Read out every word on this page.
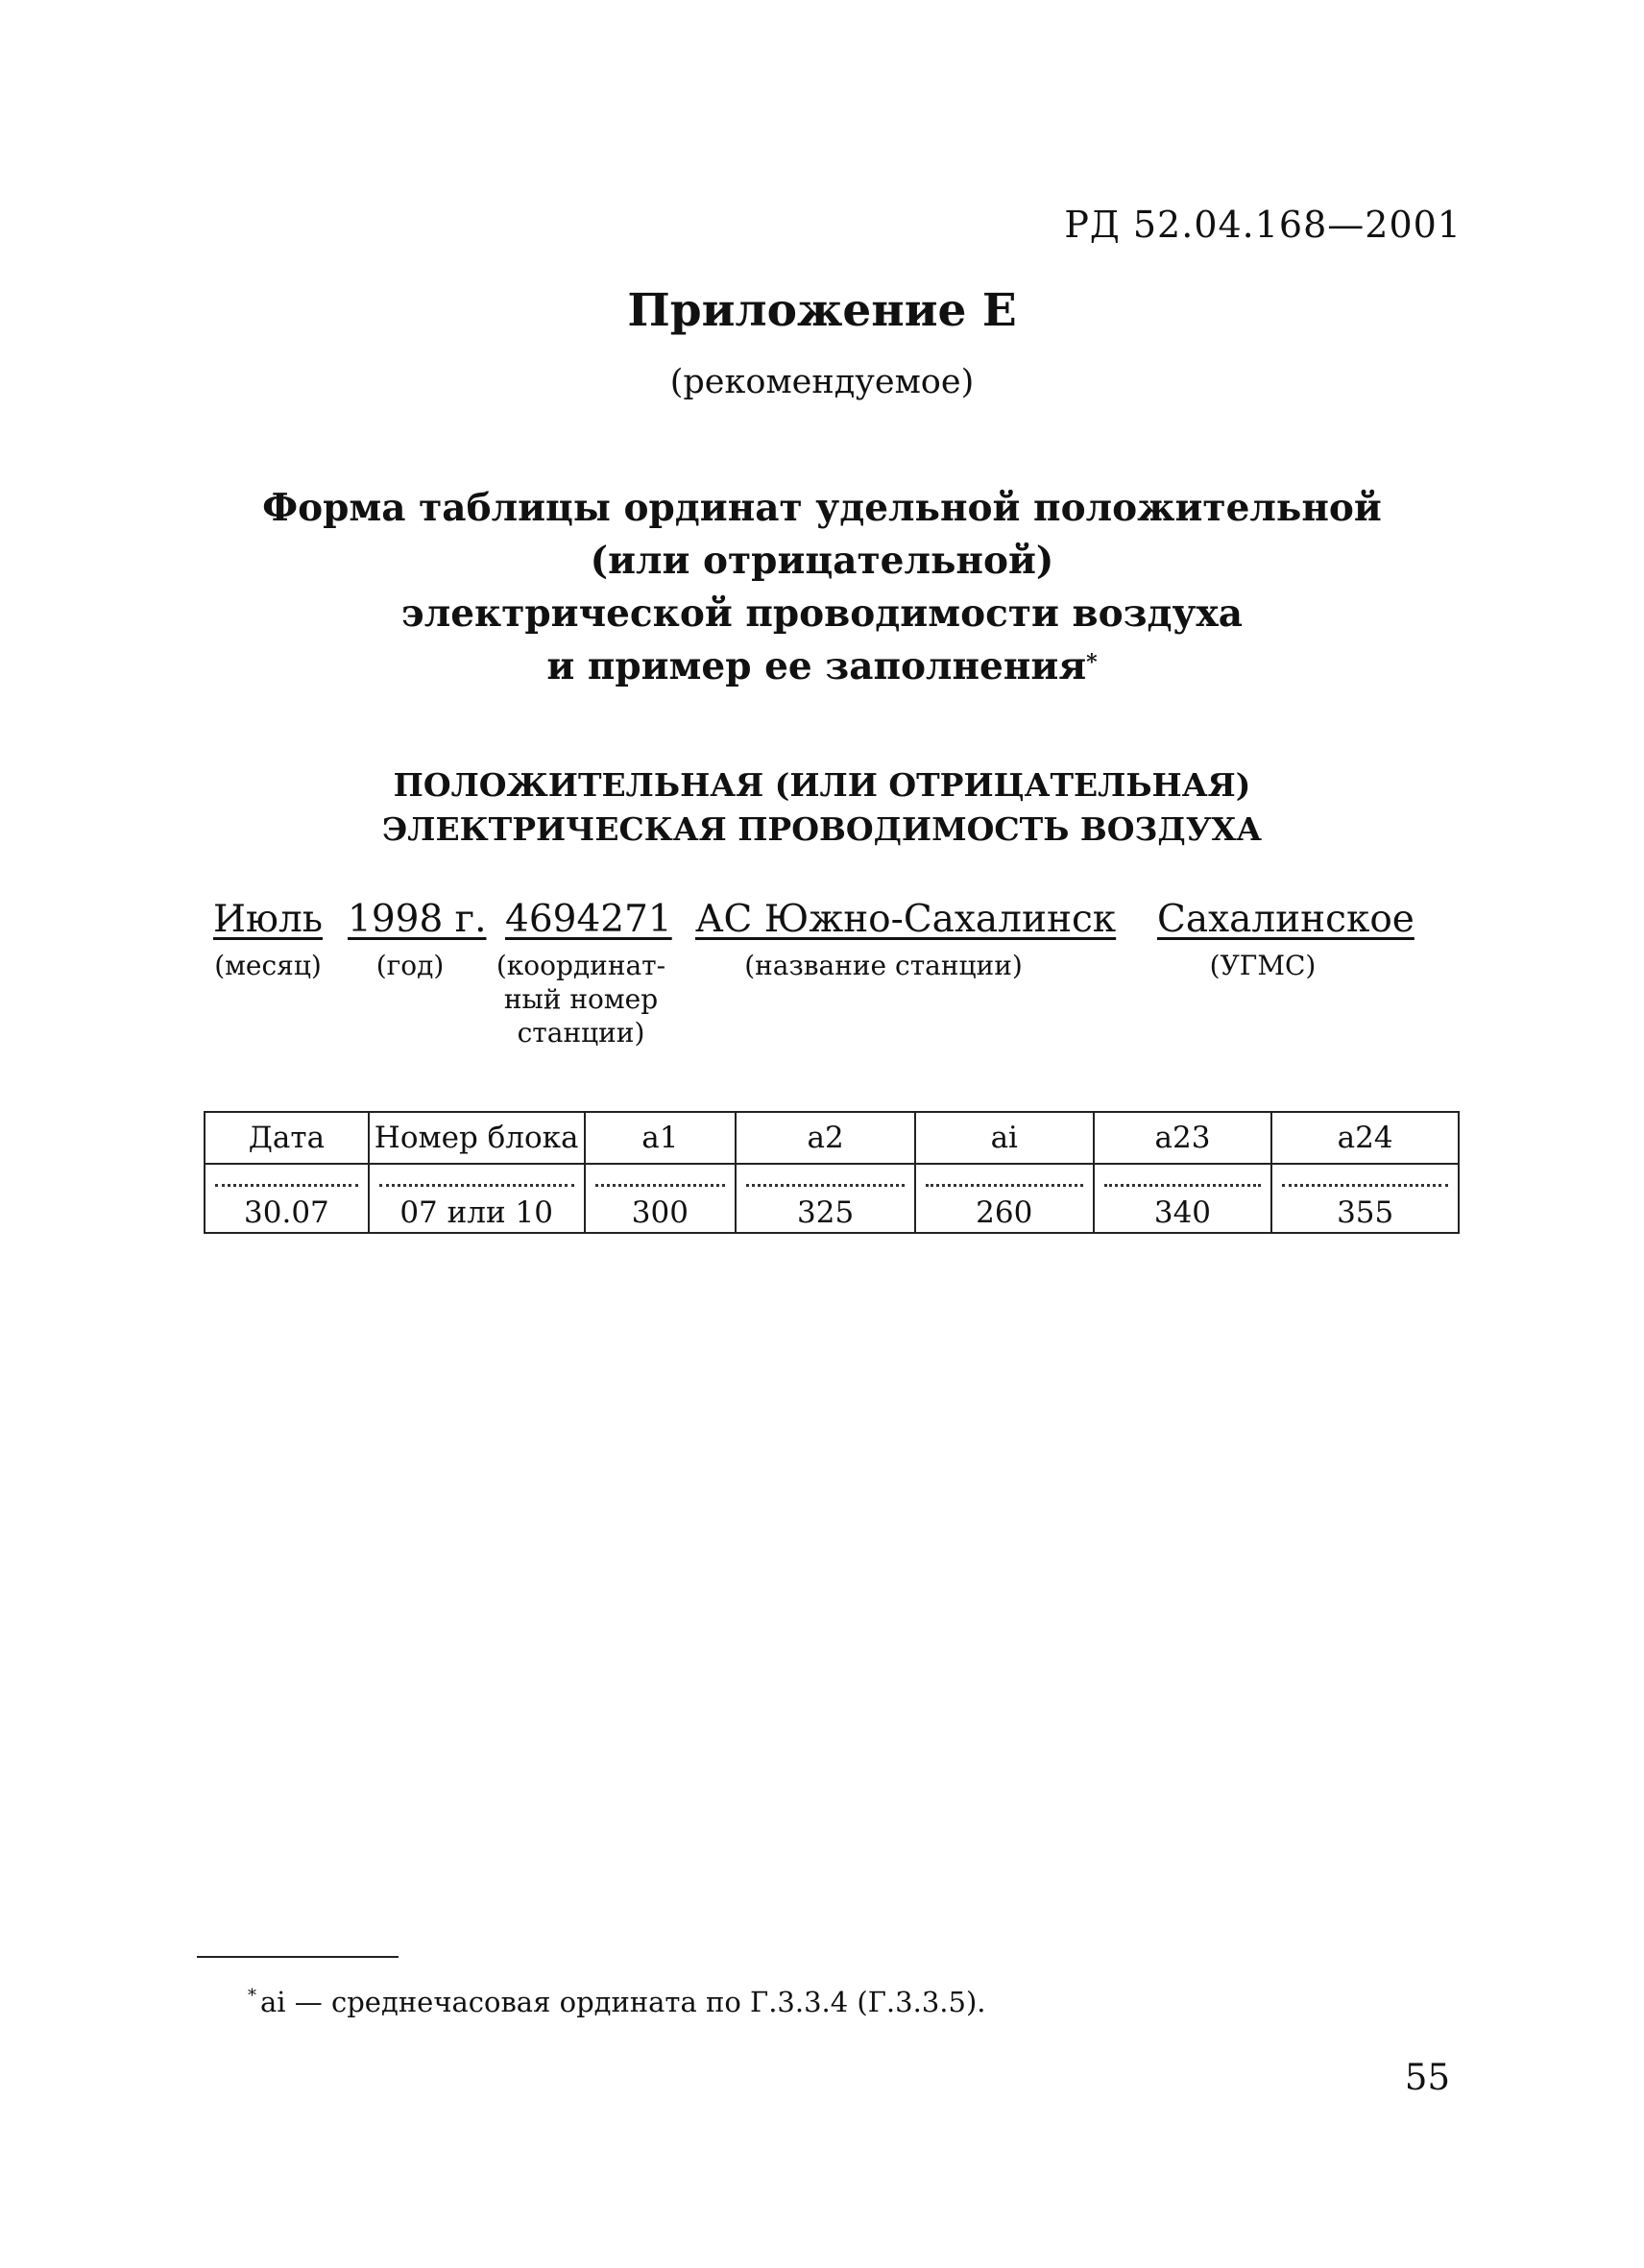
РД 52.04.168—2001
Приложение Е
(рекомендуемое)
Форма таблицы ординат удельной положительной
(или отрицательной)
электрической проводимости воздуха
и пример ее заполнения*
ПОЛОЖИТЕЛЬНАЯ (ИЛИ ОТРИЦАТЕЛЬНАЯ)
ЭЛЕКТРИЧЕСКАЯ ПРОВОДИМОСТЬ ВОЗДУХА
Июль
(месяц)
1998 г.
(год)
4694271
(координат-
ный номер
станции)
АС Южно-Сахалинск
(название станции)
Сахалинское
(УГМС)
Дата	Номер блока	a1	a2	ai	a23	a24

30.07	07 или 10	300	325	260	340	355
* ai — среднечасовая ордината по Г.3.3.4 (Г.3.3.5).
55
